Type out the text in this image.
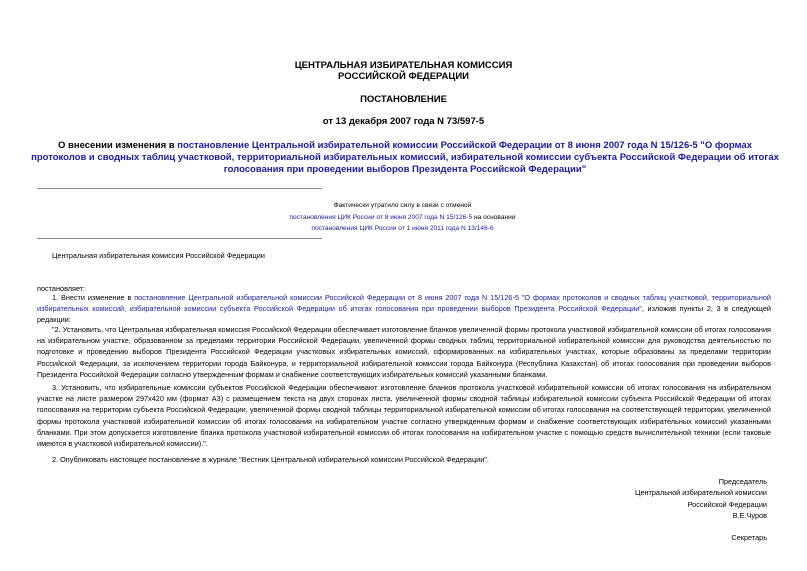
ЦЕНТРАЛЬНАЯ ИЗБИРАТЕЛЬНАЯ КОМИССИЯ
РОССИЙСКОЙ ФЕДЕРАЦИИ
ПОСТАНОВЛЕНИЕ
от 13 декабря 2007 года N 73/597-5
О внесении изменения в постановление Центральной избирательной комиссии Российской Федерации от 8 июня 2007 года N 15/126-5 "О формах протоколов и сводных таблиц участковой, территориальной избирательных комиссий, избирательной комиссии субъекта Российской Федерации об итогах голосования при проведении выборов Президента Российской Федерации"
Фактически утратило силу в связи с отменой
постановления ЦИК России от 8 июня 2007 года N 15/126-5 на основании
постановления ЦИК России от 1 июня 2011 года N 13/146-6
Центральная избирательная комиссия Российской Федерации
постановляет:
1. Внести изменение в постановление Центральной избирательной комиссии Российской Федерации от 8 июня 2007 года N 15/126-5 "О формах протоколов и сводных таблиц участковой, территориальной избирательных комиссий, избирательной комиссии субъекта Российской Федерации об итогах голосования при проведении выборов Президента Российской Федерации", изложив пункты 2, 3 в следующей редакции:
"2. Установить, что Центральная избирательная комиссия Российской Федерации обеспечивает изготовление бланков увеличенной формы протокола участковой избирательной комиссии об итогах голосования на избирательном участке, образованном за пределами территории Российской Федерации, увеличенной формы сводных таблиц территориальной избирательной комиссии для руководства деятельностью по подготовке и проведению выборов Президента Российской Федерации участковых избирательных комиссий, сформированных на избирательных участках, которые образованы за пределами территории Российской Федерации, за исключением территории города Байконура, и территориальной избирательной комиссии города Байконура (Республика Казахстан) об итогах голосования при проведении выборов Президента Российской Федерации согласно утвержденным формам и снабжение соответствующих избирательных комиссий указанными бланками.
3. Установить, что избирательные комиссии субъектов Российской Федерации обеспечивают изготовление бланков протокола участковой избирательной комиссии об итогах голосования на избирательном участке на листе размером 297х420 мм (формат А3) с размещением текста на двух сторонах листа, увеличенной формы сводной таблицы избирательной комиссии субъекта Российской Федерации об итогах голосования на территории субъекта Российской Федерации, увеличенной формы сводной таблицы территориальной избирательной комиссии об итогах голосования на соответствующей территории, увеличенной формы протокола участковой избирательной комиссии об итогах голосования на избирательном участке согласно утвержденным формам и снабжение соответствующих избирательных комиссий указанными бланками. При этом допускается изготовление бланка протокола участковой избирательной комиссии об итогах голосования на избирательном участке с помощью средств вычислительной техники (если таковые имеются в участковой избирательной комиссии).".
2. Опубликовать настоящее постановление в журнале "Вестник Центральной избирательной комиссии Российской Федерации".
Председатель
Центральной избирательной комиссии
Российской Федерации
В.Е.Чуров
Секретарь
